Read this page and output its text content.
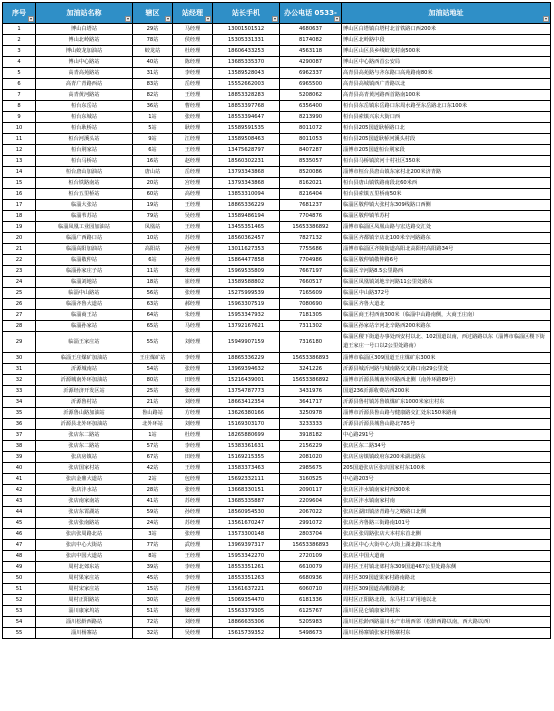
序号	加油站名称	辖区	站经理	站长手机	办公电话 0533-	加油站地址

1	博山白塔站	29站	马经理	13001501512	4680637	博山区白塔镇白塔村北首铁路口西200米
2	博山北岭路站	78站	侯经理	15305331331	8174082	博山区北岭路中段
3	博山蛟龙加油站	蛟龙站	杜经理	18606433253	4563118	博山区山区县乡线蛟龙村南500米
4	博山中心路站	40站	陈经理	13685335370	4290087	博山区中心路西首公安局
5	高青高苑路站	31站	李经理	13589528043	6962337	高青县高苑路与齐东路口高苑路南80米
6	高青广青路西站	83站	岳经理	15552662003	6965500	高青县高城镇西广青路以北
7	高青黄河路站	82站	王经理	18853328283	5208062	高青县高青黄河路西首路南100米
8	桓台东岳站	36站	曹经理	18853397768	6356400	桓台县东岳镇东岳路口东周水路至东岳路北口东100米
9	桓台东城站	1站	张经理	18553394647	8213990	桓台县索镇兴东大街口西
10	桓台耿桥站	5站	耿经理	15589591535	8011072	桓台县205国道耿桥路口北
11	桓台河溪头站	9站	江经理	13589508463	8011053	桓台县205国道耿桥河溪头村段
12	桓台荆家站	6站	王经理	13475628797	8407287	淄博市205国道桓台荆家段
13	桓台马桥站	16站	赵经理	18560302231	8535057	桓台县马桥镇滨河十村社区350米
14	桓台唐山加油站	唐山站	岳经理	13793343868	8520086	淄博市桓台县唐山镇东家村北200米济青路
15	桓台铁路南站	20站	宫经理	13793343868	8162021	桓台县唐山镇铁路南段北60米西
16	桓台五里桥站	60站	高经理	13853310094	8216404	桓台县索镇五里桥南50米
17	临淄大张站	19站	王经理	18865336229	7681237	临淄区敬仲镇大张村东309线路口西侧
18	临淄苇苏站	79站	吴经理	13589486194	7704876	临淄区敬仲镇苇苏村
19	临淄凤凰工业园加油站	凤凰站	王经理	13455351465	15653386892	淄博市临淄区凤凰山路与宏达路交汇处
20	临淄广西路口站	10站	苏经理	18560362457	7827132	临淄区齐都镇辛店北100米辛河路路东
21	临淄高阳加油站	高阳站	孙经理	13011627353	7755686	淄博市临淄区齐陵街道高阳北高阳村高阳路34号
22	临淄敬仲站	6站	孙经理	15864477858	7704986	临淄区敬仲镇敬仲路6号
23	临淄孙家庄子站	11站	朱经理	15969535809	7667197	临淄区辛河路8.5公里路西
24	临淄刘地站	18站	崔经理	13589588802	7660517	临淄区凤凰镇刘地辛河路11公里处路东
25	临淄中山路站	56站	张经理	15275999539	7165609	临淄区中山路372号
26	临淄齐鲁大道站	63站	郝经理	15963307519	7080690	临淄区齐鲁大道北
27	临淄商王站	64站	朱经理	15953347932	7181305	临淄区商王村西南300米（临淄中山路南侧，大商王庄南）
28	临淄孙家站	65站	马经理	13792167621	7311302	临淄区孙家站辛河北辛路西200米路东
29	临淄王家庄站	55站	刘经理	15949907159	7316180	临淄区稷下街道办事处西安村以北、102国道以南，西过路路以东（淄博市临淄区稷下街道王家庄一号口以2公里处路南）
30	临淄王庄煤矿加油站	王庄煤矿站	李经理	18865336229	15653386893	淄博市临淄区309国道王庄煤矿东300米
31	沂源城南站	54站	张经理	13969394632	3241226	沂源县城沂河路与城南路交叉路口南29公里处
32	沂源城南外环加油站	80站	田经理	15216439001	15653386892	淄博市沂源县城南外环路西北侧（南外环路89号）
33	沂源经济开发区站	25站	张经理	13754787773	3431976	国道236沂源收费站西200米
34	沂源鲁村站	21站	刘经理	18663412354	3641717	沂源县鲁村镇苏鲁镇煤矿东1000米家庄村东
35	沂源鲁山路加油站	鲁山路站	方经理	13626380166	3250978	淄博市沂源县鲁山路与健康路交汇处东150米路南
36	沂源县北外环加油站	北外环站	刘经理	15169303170	3233333	沂源县沂源县城鲁山路北785号
37	张店东二路站	1站	杜经理	18265880699	3918182	中心路291号
38	张店东二路站	57站	李经理	15383361631	2156229	张店区东二路34号
39	张店房镇站	67站	田经理	15169215355	2081020	张店区房镇镇政府东200米湖北路东
40	张店国家村站	42站	王经理	13583373463	2985675	205国道张店区张店国家村东100米
41	张店金鼎大道站	2站	包经理	15692332111	3160525	中心路203号
42	张店沣水站	28站	张经理	13668330151	2090117	张店区沣水镇南家村西300米
43	张店南家南站	41站	苏经理	13685335887	2209604	张店区沣水镇南家村南
44	张店东霄湖站	59站	孙经理	18560954530	2067022	张店区湖田镇济青路与之略路口北侧
45	张店张南路站	24站	苏经理	13561670247	2991072	张店区齐鲁路三街路南101号
46	张店张周路北站	3站	张经理	13573300148	2803704	张店区张周路张店大本村东首北侧
47	张店中心大街站	77站	武经理	13969397317	15653386893	张店区中心大街中心大街上湖北路口东北角
48	张店中国大道站	8站	王经理	15953342270	2720109	张店区中国大道南
49	周村北郊东站	39站	李经理	18553351261	6610079	周村区王村镇北郊村东309国道467公里处路东侧
50	周村果家庄站	45站	李经理	18553351263	6680936	周村区309国道果家村路南路北
51	周村宋家庄站	15站	苏经理	13561637221	6060710	周村区309国道高潮段路北
52	周村正阳路站	30站	赵经理	15069354470	6181336	周村区正阳路北段、东马村工矿用地以北
53	淄川康家坞站	51站	梁经理	15563379305	6125767	淄川区昆仑镇康家坞村东
54	淄川松龄西路站	72站	刘经理	18866635306	5205983	淄川区松龄西路淄川水产市场西邻（松龄西路以南，西大路以西）
55	淄川杨寨站	32站	吴经理	15615739352	5498673	淄川区杨寨镇张家村杨寨村东
